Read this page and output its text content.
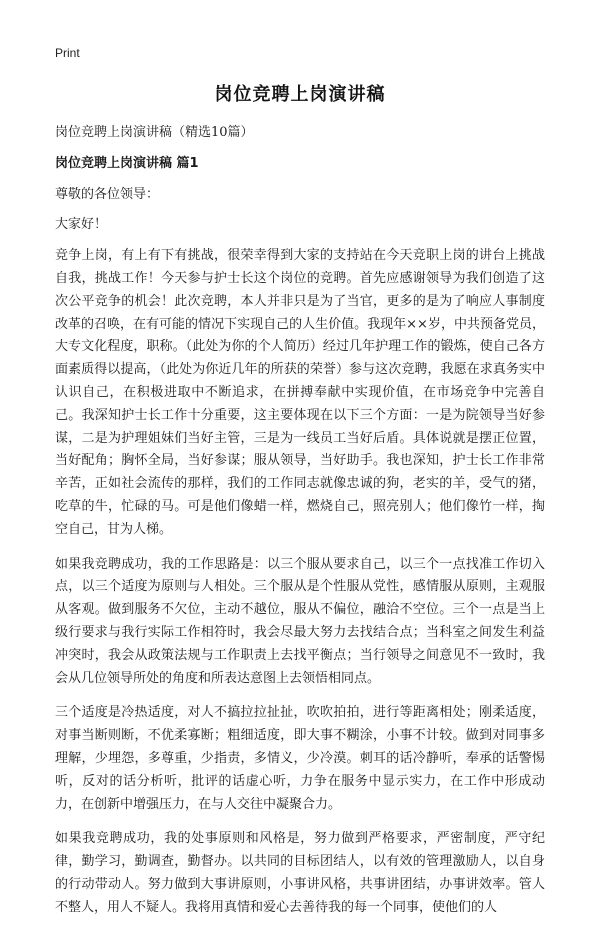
Print
岗位竞聘上岗演讲稿

岗位竞聘上岗演讲稿（精选10篇）

岗位竞聘上岗演讲稿 篇1

尊敬的各位领导：

大家好！

竞争上岗，有上有下有挑战，很荣幸得到大家的支持站在今天竞职上岗的讲台上挑战自我，挑战工作！今天参与护士长这个岗位的竞聘。首先应感谢领导为我们创造了这次公平竞争的机会！此次竞聘，本人并非只是为了当官，更多的是为了响应人事制度改革的召唤，在有可能的情况下实现自己的人生价值。我现年××岁，中共预备党员，大专文化程度，职称。（此处为你的个人简历）经过几年护理工作的锻炼，使自己各方面素质得以提高，（此处为你近几年的所获的荣誉）参与这次竞聘，我愿在求真务实中认识自己，在积极进取中不断追求，在拼搏奉献中实现价值，在市场竞争中完善自己。我深知护士长工作十分重要，这主要体现在以下三个方面：一是为院领导当好参谋，二是为护理姐妹们当好主管，三是为一线员工当好后盾。具体说就是摆正位置，当好配角；胸怀全局，当好参谋；服从领导，当好助手。我也深知，护士长工作非常辛苦，正如社会流传的那样，我们的工作同志就像忠诚的狗，老实的羊，受气的猪，吃草的牛，忙碌的马。可是他们像蜡一样，燃烧自己，照亮别人；他们像竹一样，掏空自己，甘为人梯。

如果我竞聘成功，我的工作思路是：以三个服从要求自己，以三个一点找准工作切入点，以三个适度为原则与人相处。三个服从是个性服从党性，感情服从原则，主观服从客观。做到服务不欠位，主动不越位，服从不偏位，融洽不空位。三个一点是当上级行要求与我行实际工作相符时，我会尽最大努力去找结合点；当科室之间发生利益冲突时，我会从政策法规与工作职责上去找平衡点；当行领导之间意见不一致时，我会从几位领导所处的角度和所表达意图上去领悟相同点。

三个适度是冷热适度，对人不搞拉拉扯扯，吹吹拍拍，进行等距离相处；刚柔适度，对事当断则断，不优柔寡断；粗细适度，即大事不糊涂，小事不计较。做到对同事多理解，少埋怨，多尊重，少指责，多情义，少冷漠。刺耳的话冷静听，奉承的话警惕听，反对的话分析听，批评的话虚心听，力争在服务中显示实力，在工作中形成动力，在创新中增强压力，在与人交往中凝聚合力。

如果我竞聘成功，我的处事原则和风格是，努力做到严格要求，严密制度，严守纪律，勤学习，勤调查，勤督办。以共同的目标团结人，以有效的管理激励人，以自身的行动带动人。努力做到大事讲原则，小事讲风格，共事讲团结，办事讲效率。管人不整人，用人不疑人。我将用真情和爱心去善待我的每一个同事，使他们的人
